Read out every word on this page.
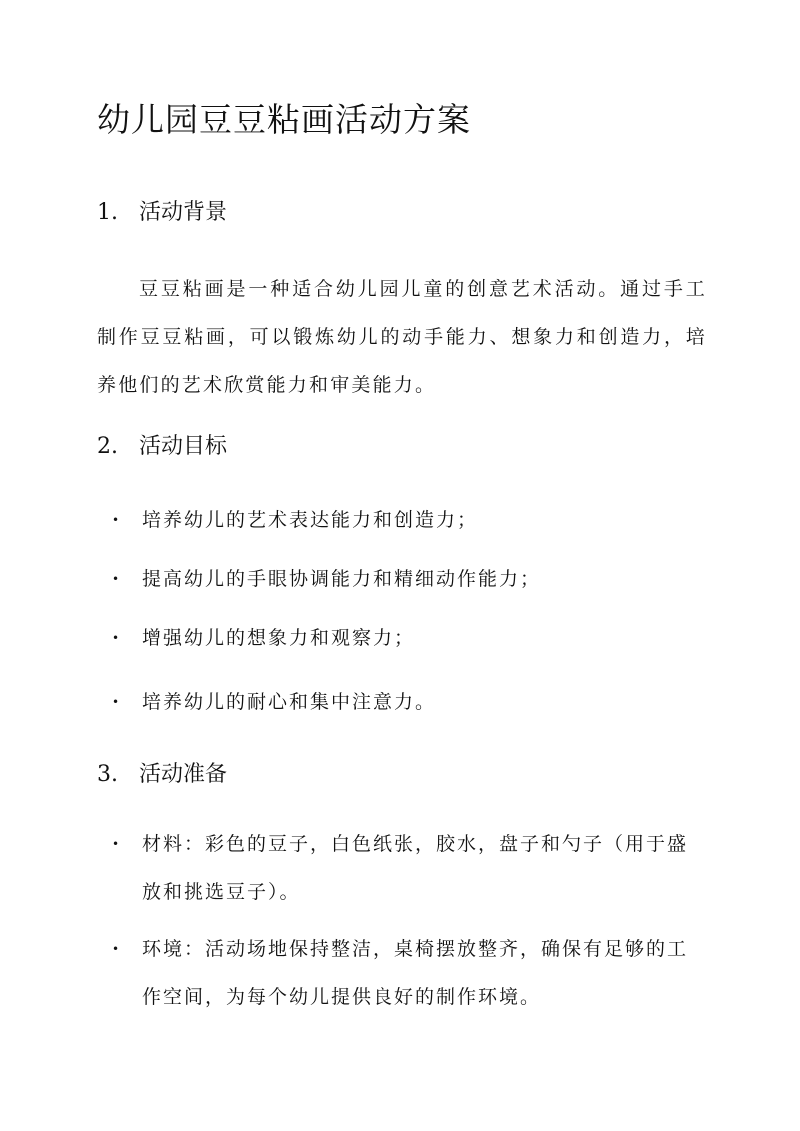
幼儿园豆豆粘画活动方案
1. 活动背景

豆豆粘画是一种适合幼儿园儿童的创意艺术活动。通过手工制作豆豆粘画，可以锻炼幼儿的动手能力、想象力和创造力，培养他们的艺术欣赏能力和审美能力。

2. 活动目标
•	培养幼儿的艺术表达能力和创造力；
•	提高幼儿的手眼协调能力和精细动作能力；
•	增强幼儿的想象力和观察力；
•	培养幼儿的耐心和集中注意力。
3. 活动准备
•	材料：彩色的豆子，白色纸张，胶水，盘子和勺子（用于盛放和挑选豆子）。
•	环境：活动场地保持整洁，桌椅摆放整齐，确保有足够的工作空间，为每个幼儿提供良好的制作环境。
